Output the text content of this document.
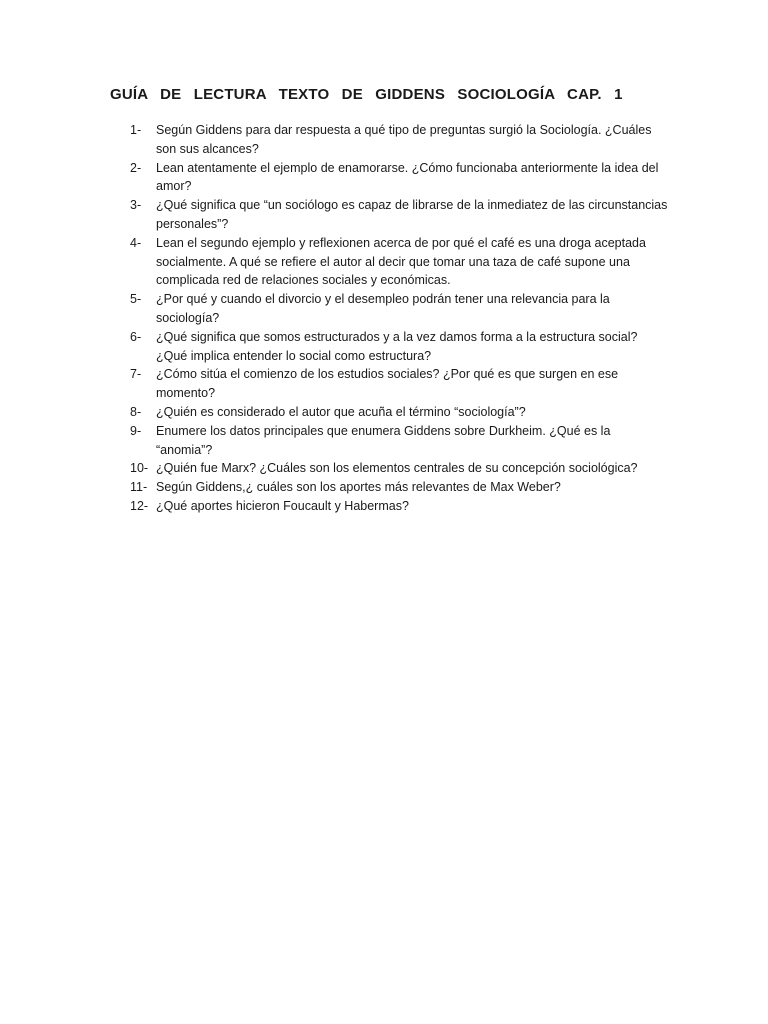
GUÍA DE LECTURA TEXTO DE GIDDENS SOCIOLOGÍA CAP. 1
1-	Según Giddens para dar respuesta a qué tipo de preguntas surgió la Sociología. ¿Cuáles son sus alcances?
2-	Lean atentamente el ejemplo de enamorarse. ¿Cómo funcionaba anteriormente la idea del amor?
3-	¿Qué significa que “un sociólogo es capaz de librarse de la inmediatez de las circunstancias personales”?
4-	Lean el segundo ejemplo y reflexionen acerca de por qué el café es una droga aceptada socialmente. A qué se refiere el autor al decir que tomar una taza de café supone una complicada red de relaciones sociales y económicas.
5-	¿Por qué y cuando el divorcio y el desempleo podrán tener una relevancia para la sociología?
6-	¿Qué significa que somos estructurados y a la vez damos forma a la estructura social? ¿Qué implica entender lo social como estructura?
7-	¿Cómo sitúa el comienzo de los estudios sociales? ¿Por qué es que surgen en ese momento?
8-	¿Quién es considerado el autor que acuña el término “sociología”?
9-	Enumere los datos principales que enumera Giddens sobre Durkheim. ¿Qué es la “anomia”?
10- ¿Quién fue Marx? ¿Cuáles son los elementos centrales de su concepción sociológica?
11- Según Giddens,¿ cuáles son los aportes más relevantes de Max Weber?
12- ¿Qué aportes hicieron Foucault y Habermas?
